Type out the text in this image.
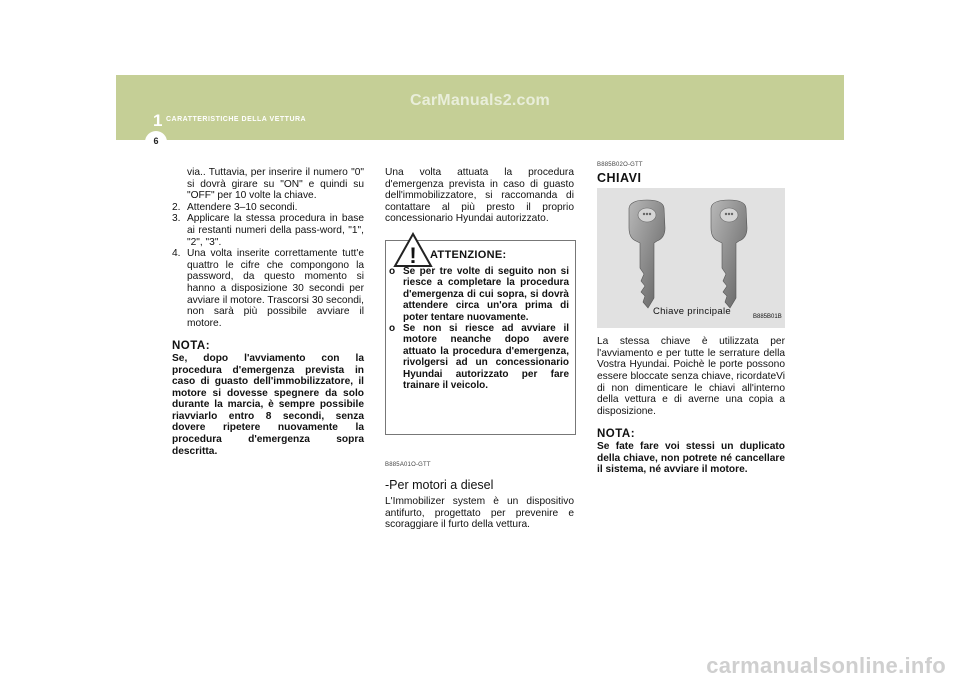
CarManuals2.com
1 CARATTERISTICHE DELLA VETTURA
6
via.. Tuttavia, per inserire il numero "0" si dovrà girare su "ON" e quindi su "OFF" per 10 volte la chiave.
2. Attendere 3–10 secondi.
3. Applicare la stessa procedura in base ai restanti numeri della pass-word, "1", "2", "3".
4. Una volta inserite correttamente tutt'e quattro le cifre che compongono la password, da questo momento si hanno a disposizione 30 secondi per avviare il motore. Trascorsi 30 secondi, non sarà più possibile avviare il motore.
NOTA:
Se, dopo l'avviamento con la procedura d'emergenza prevista in caso di guasto dell'immobilizzatore, il motore si dovesse spegnere da solo durante la marcia, è sempre possibile riavviarlo entro 8 secondi, senza dovere ripetere nuovamente la procedura d'emergenza sopra descritta.
Una volta attuata la procedura d'emergenza prevista in caso di guasto dell'immobilizzatore, si raccomanda di contattare al più presto il proprio concessionario Hyundai autorizzato.
! ATTENZIONE:
o Se per tre volte di seguito non si riesce a completare la procedura d'emergenza di cui sopra, si dovrà attendere circa un'ora prima di poter tentare nuovamente.
o Se non si riesce ad avviare il motore neanche dopo avere attuato la procedura d'emergenza, rivolgersi ad un concessionario Hyundai autorizzato per fare trainare il veicolo.
B885A01O-GTT
-Per motori a diesel
L'Immobilizer system è un dispositivo antifurto, progettato per prevenire e scoraggiare il furto della vettura.
B885B02O-GTT
CHIAVI
Chiave principale	B885B01B
La stessa chiave è utilizzata per l'avviamento e per tutte le serrature della Vostra Hyundai. Poichè le porte possono essere bloccate senza chiave, ricordateVi di non dimenticare le chiavi all'interno della vettura e di averne una copia a disposizione.
NOTA:
Se fate fare voi stessi un duplicato della chiave, non potrete né cancellare il sistema, né avviare il motore.
carmanualsonline.info
